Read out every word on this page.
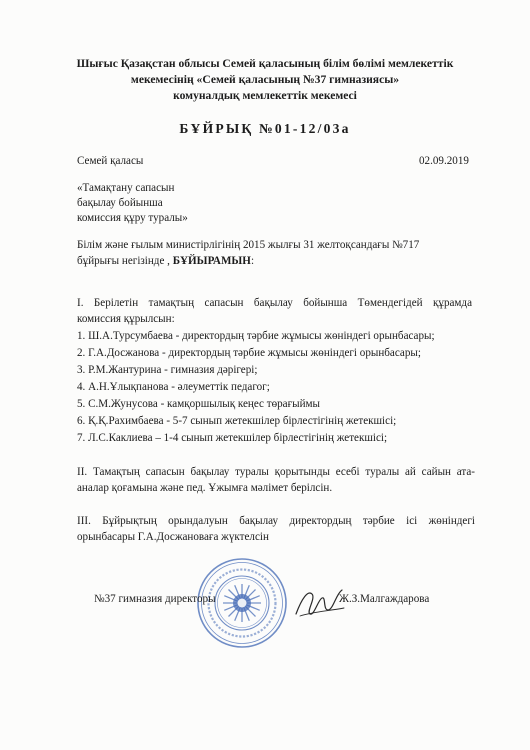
Шығыс Қазақстан облысы Семей қаласының білім бөлімі мемлекеттік
мекемесінің «Семей қаласының №37 гимназиясы»
комуналдық мемлекеттік мекемесі
БҰЙРЫҚ №01-12/03а
Семей қаласы	02.09.2019
«Тамақтану сапасын
бақылау бойынша
комиссия құру туралы»
Білім және ғылым министірлігінің 2015 жылғы 31 желтоқсандағы №717
бұйрығы негізінде , БҰЙЫРАМЫН:
I. Берілетін тамақтың сапасын бақылау бойынша Төмендегідей құрамда
комиссия құрылсын:
1. Ш.А.Турсумбаева - директордың тәрбие жұмысы жөніндегі орынбасары;
2. Г.А.Досжанова - директордың тәрбие жұмысы жөніндегі орынбасары;
3. Р.М.Жантурина - гимназия дәрігері;
4. А.Н.Ұлықпанова - әлеуметтік педагог;
5. С.М.Жунусова - камқоршылық кеңес төрағыймы
6. Қ.Қ.Рахимбаева - 5-7 сынып жетекшілер бірлестігінің жетекшісі;
7. Л.С.Каклиева – 1-4 сынып жетекшілер бірлестігінің жетекшісі;
II. Тамақтың сапасын бақылау туралы қорытынды есебі туралы ай сайын ата-
аналар қоғамына және пед. Ұжымға мәлімет берілсін.
III. Бұйрықтың орындалуын бақылау директордың тәрбие ісі жөніндегі
орынбасары Г.А.Досжановаға жүктелсін
№37 гимназия директоры	Ж.З.Малгаждарова
